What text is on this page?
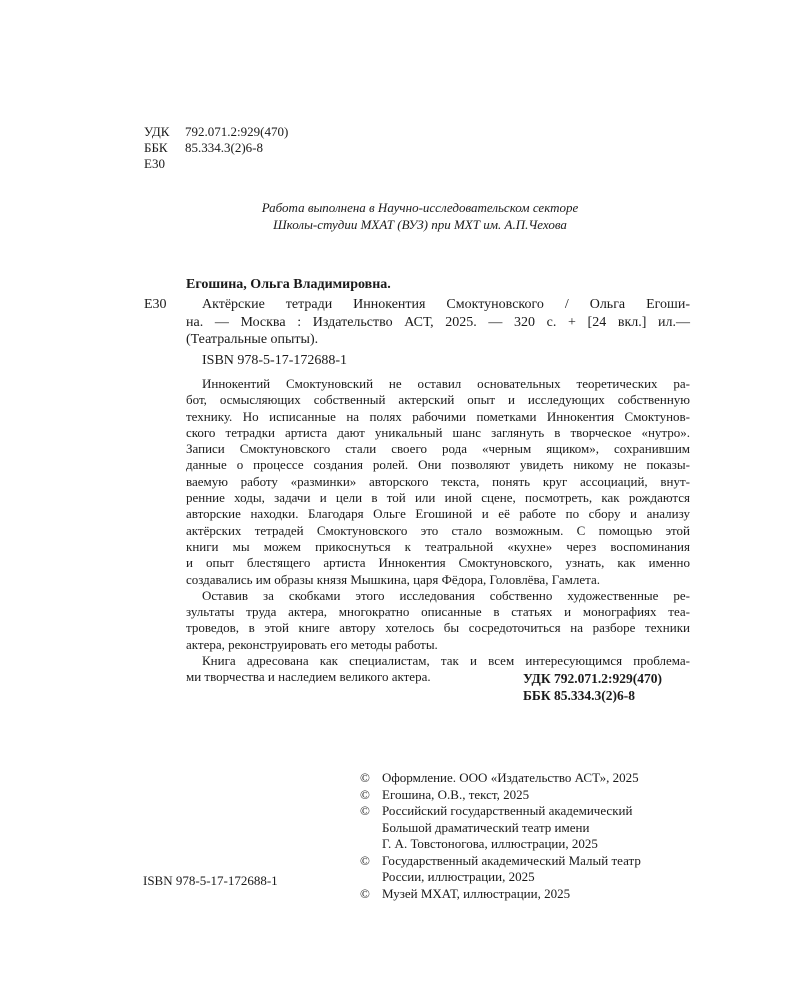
УДК 792.071.2:929(470)
ББК 85.334.3(2)6-8
Е30
Работа выполнена в Научно-исследовательском секторе
Школы-студии МХАТ (ВУЗ) при МХТ им. А.П.Чехова
Егошина, Ольга Владимировна.
Е30	Актёрские тетради Иннокентия Смоктуновского / Ольга Егоши-
на. — Москва : Издательство АСТ, 2025. — 320 с. + [24 вкл.] ил.—
(Театральные опыты).
ISBN 978-5-17-172688-1
Иннокентий Смоктуновский не оставил основательных теоретических ра-
бот, осмысляющих собственный актерский опыт и исследующих собственную
технику. Но исписанные на полях рабочими пометками Иннокентия Смоктунов-
ского тетрадки артиста дают уникальный шанс заглянуть в творческое «нутро».
Записи Смоктуновского стали своего рода «черным ящиком», сохранившим
данные о процессе создания ролей. Они позволяют увидеть никому не показы-
ваемую работу «разминки» авторского текста, понять круг ассоциаций, внут-
ренние ходы, задачи и цели в той или иной сцене, посмотреть, как рождаются
авторские находки. Благодаря Ольге Егошиной и её работе по сбору и анализу
актёрских тетрадей Смоктуновского это стало возможным. С помощью этой
книги мы можем прикоснуться к театральной «кухне» через воспоминания
и опыт блестящего артиста Иннокентия Смоктуновского, узнать, как именно
создавались им образы князя Мышкина, царя Фёдора, Головлёва, Гамлета.
Оставив за скобками этого исследования собственно художественные ре-
зультаты труда актера, многократно описанные в статьях и монографиях теа-
троведов, в этой книге автору хотелось бы сосредоточиться на разборе техники
актера, реконструировать его методы работы.
Книга адресована как специалистам, так и всем интересующимся проблема-
ми творчества и наследием великого актера.	УДК 792.071.2:929(470)
ББК 85.334.3(2)6-8
© Оформление. ООО «Издательство АСТ», 2025
© Егошина, О.В., текст, 2025
© Российский государственный академический
Большой драматический театр имени
Г. А. Товстоногова, иллюстрации, 2025
© Государственный академический Малый театр
России, иллюстрации, 2025
© Музей МХАТ, иллюстрации, 2025
ISBN 978-5-17-172688-1
